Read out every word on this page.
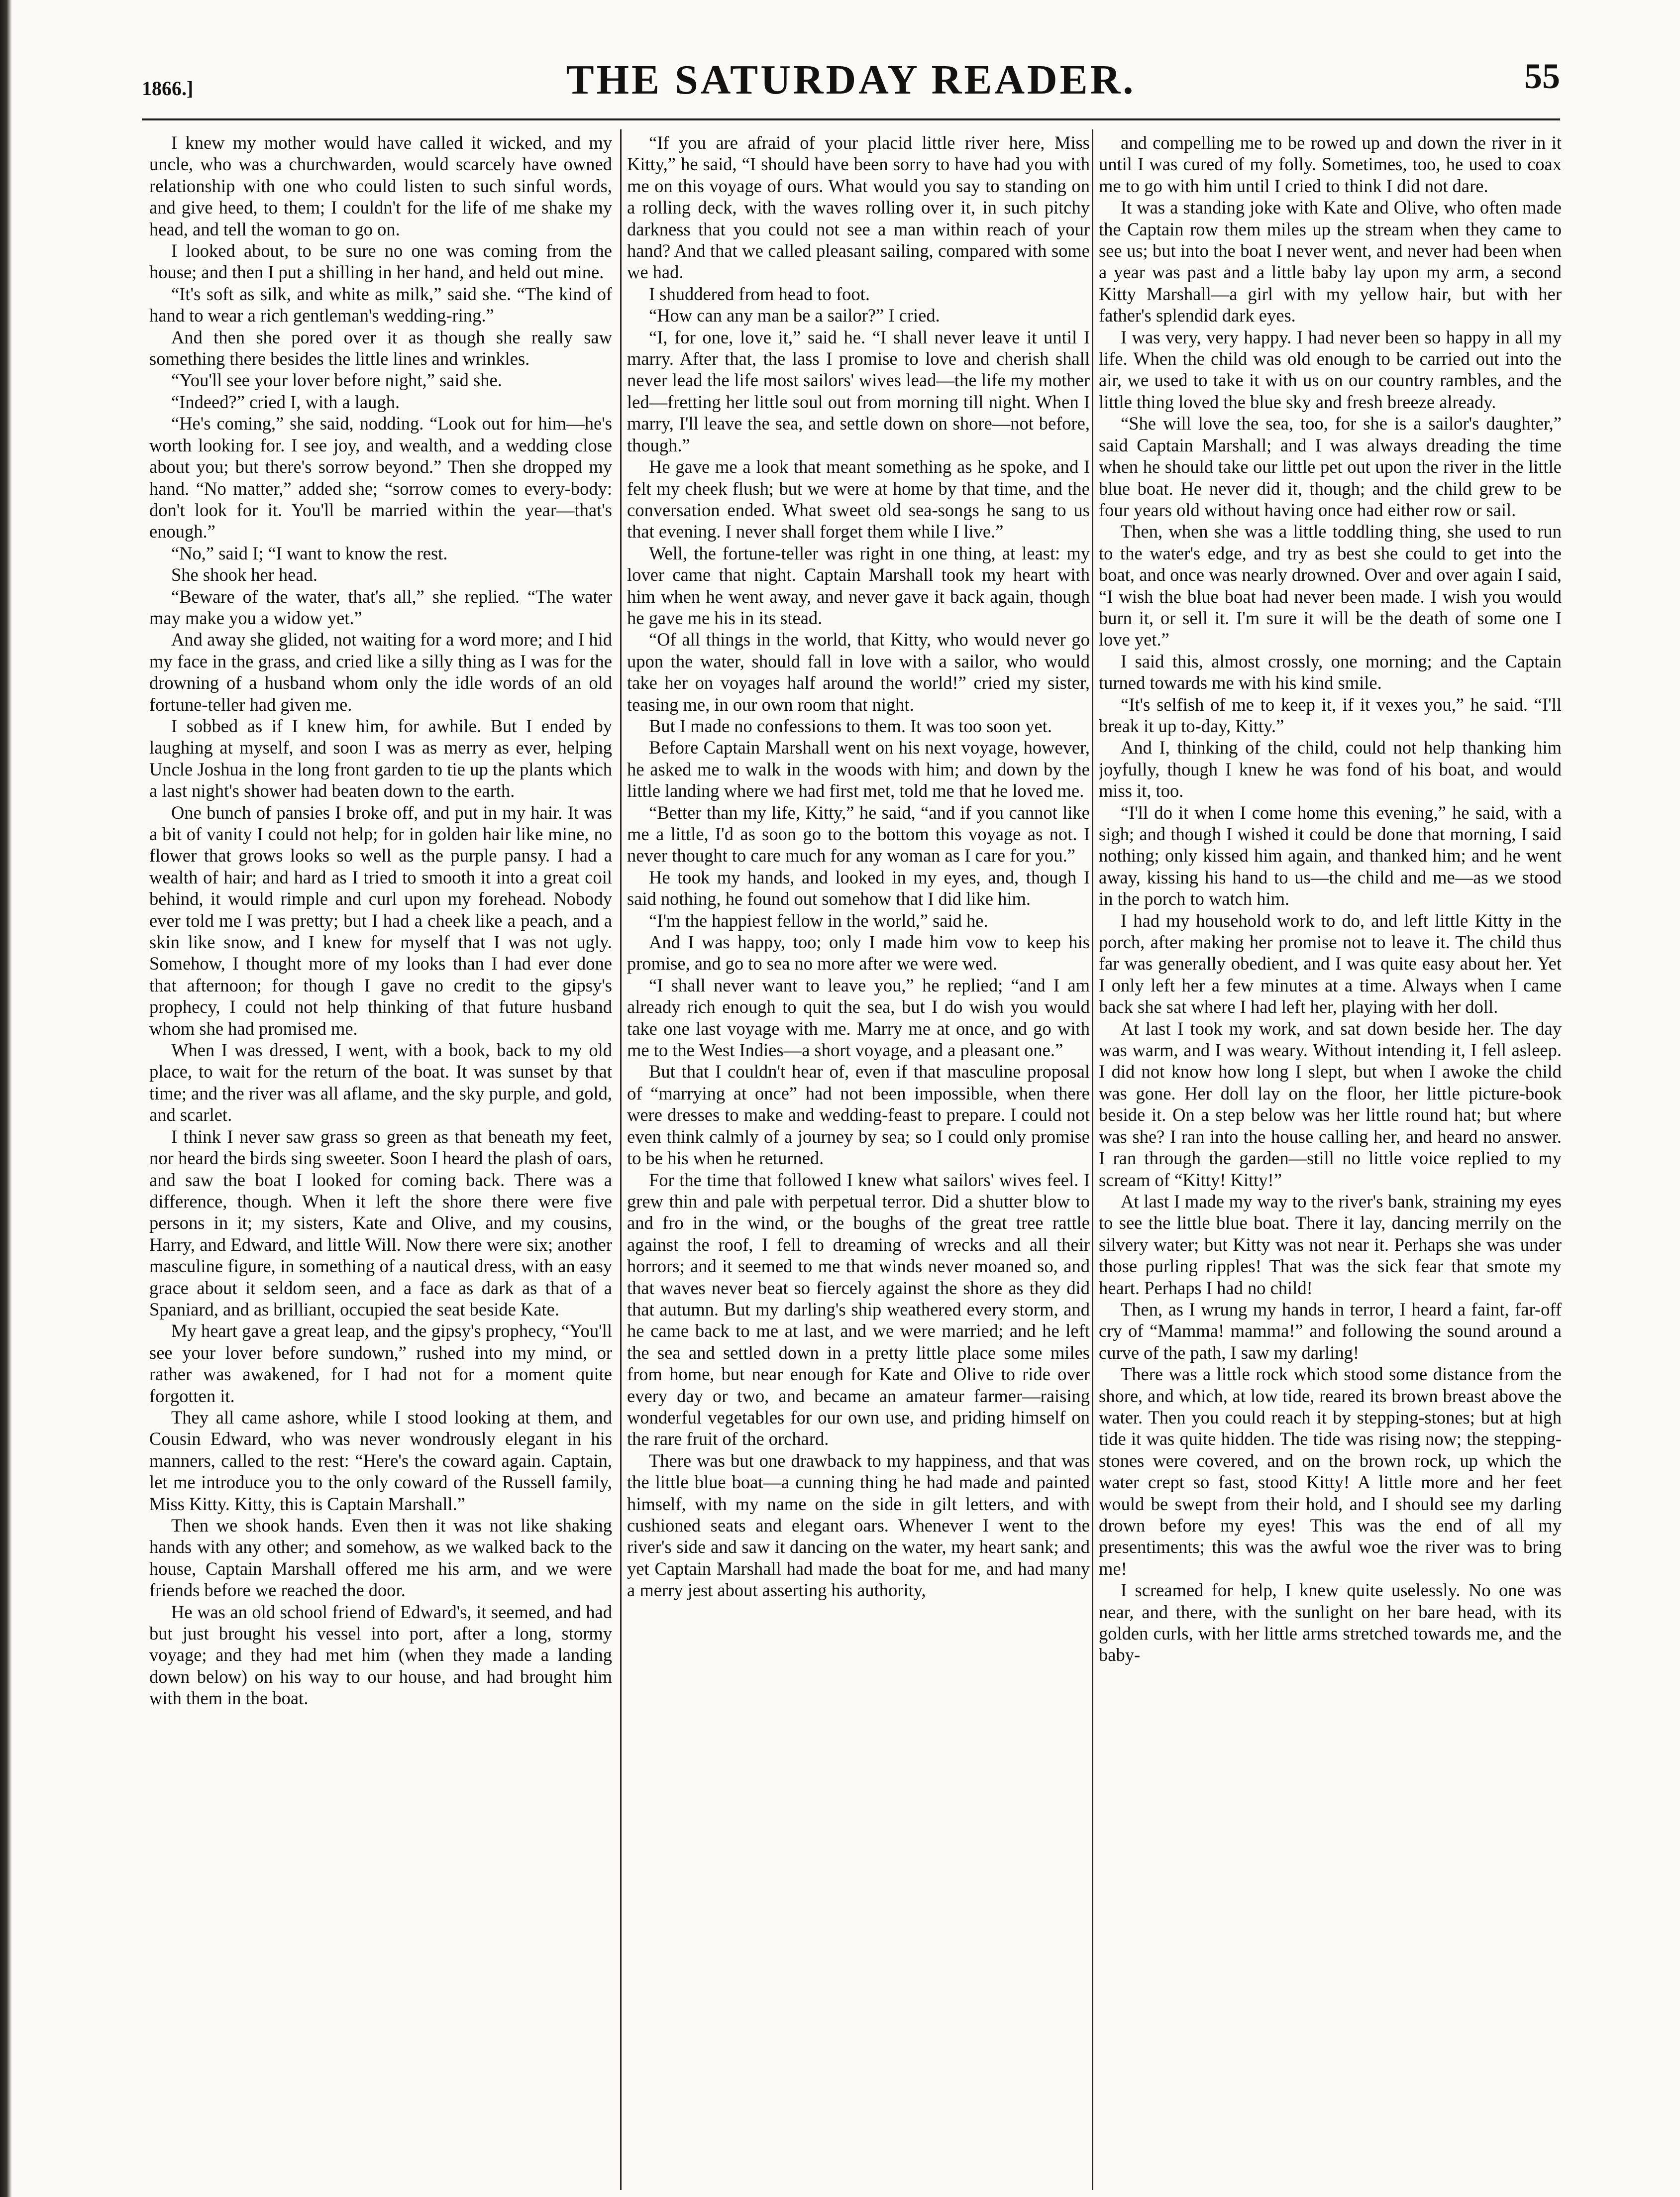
1866.]	THE SATURDAY READER.	55

I knew my mother would have called it wicked, and my uncle, who was a churchwarden, would scarcely have owned relationship with one who could listen to such sinful words, and give heed, to them; I couldn't for the life of me shake my head, and tell the woman to go on.

I looked about, to be sure no one was coming from the house; and then I put a shilling in her hand, and held out mine.

“It's soft as silk, and white as milk,” said she. “The kind of hand to wear a rich gentleman's wedding-ring.”

And then she pored over it as though she really saw something there besides the little lines and wrinkles.

“You'll see your lover before night,” said she.

“Indeed?” cried I, with a laugh.

“He's coming,” she said, nodding. “Look out for him—he's worth looking for. I see joy, and wealth, and a wedding close about you; but there's sorrow beyond.” Then she dropped my hand. “No matter,” added she; “sorrow comes to every-body: don't look for it. You'll be married within the year—that's enough.”

“No,” said I; “I want to know the rest.

She shook her head.

“Beware of the water, that's all,” she replied. “The water may make you a widow yet.”

And away she glided, not waiting for a word more; and I hid my face in the grass, and cried like a silly thing as I was for the drowning of a husband whom only the idle words of an old fortune-teller had given me.

I sobbed as if I knew him, for awhile. But I ended by laughing at myself, and soon I was as merry as ever, helping Uncle Joshua in the long front garden to tie up the plants which a last night's shower had beaten down to the earth.

One bunch of pansies I broke off, and put in my hair. It was a bit of vanity I could not help; for in golden hair like mine, no flower that grows looks so well as the purple pansy. I had a wealth of hair; and hard as I tried to smooth it into a great coil behind, it would rimple and curl upon my forehead. Nobody ever told me I was pretty; but I had a cheek like a peach, and a skin like snow, and I knew for myself that I was not ugly. Somehow, I thought more of my looks than I had ever done that afternoon; for though I gave no credit to the gipsy's prophecy, I could not help thinking of that future husband whom she had promised me.

When I was dressed, I went, with a book, back to my old place, to wait for the return of the boat. It was sunset by that time; and the river was all aflame, and the sky purple, and gold, and scarlet.

I think I never saw grass so green as that beneath my feet, nor heard the birds sing sweeter. Soon I heard the plash of oars, and saw the boat I looked for coming back. There was a difference, though. When it left the shore there were five persons in it; my sisters, Kate and Olive, and my cousins, Harry, and Edward, and little Will. Now there were six; another masculine figure, in something of a nautical dress, with an easy grace about it seldom seen, and a face as dark as that of a Spaniard, and as brilliant, occupied the seat beside Kate.

My heart gave a great leap, and the gipsy's prophecy, “You'll see your lover before sundown,” rushed into my mind, or rather was awakened, for I had not for a moment quite forgotten it.

They all came ashore, while I stood looking at them, and Cousin Edward, who was never wondrously elegant in his manners, called to the rest: “Here's the coward again. Captain, let me introduce you to the only coward of the Russell family, Miss Kitty. Kitty, this is Captain Marshall.”

Then we shook hands. Even then it was not like shaking hands with any other; and somehow, as we walked back to the house, Captain Marshall offered me his arm, and we were friends before we reached the door.

He was an old school friend of Edward's, it seemed, and had but just brought his vessel into port, after a long, stormy voyage; and they had met him (when they made a landing down below) on his way to our house, and had brought him with them in the boat.

“If you are afraid of your placid little river here, Miss Kitty,” he said, “I should have been sorry to have had you with me on this voyage of ours. What would you say to standing on a rolling deck, with the waves rolling over it, in such pitchy darkness that you could not see a man within reach of your hand? And that we called pleasant sailing, compared with some we had.

I shuddered from head to foot.

“How can any man be a sailor?” I cried.

“I, for one, love it,” said he. “I shall never leave it until I marry. After that, the lass I promise to love and cherish shall never lead the life most sailors' wives lead—the life my mother led—fretting her little soul out from morning till night. When I marry, I'll leave the sea, and settle down on shore—not before, though.”

He gave me a look that meant something as he spoke, and I felt my cheek flush; but we were at home by that time, and the conversation ended. What sweet old sea-songs he sang to us that evening. I never shall forget them while I live.”

Well, the fortune-teller was right in one thing, at least: my lover came that night. Captain Marshall took my heart with him when he went away, and never gave it back again, though he gave me his in its stead.

“Of all things in the world, that Kitty, who would never go upon the water, should fall in love with a sailor, who would take her on voyages half around the world!” cried my sister, teasing me, in our own room that night.

But I made no confessions to them. It was too soon yet.

Before Captain Marshall went on his next voyage, however, he asked me to walk in the woods with him; and down by the little landing where we had first met, told me that he loved me.

“Better than my life, Kitty,” he said, “and if you cannot like me a little, I'd as soon go to the bottom this voyage as not. I never thought to care much for any woman as I care for you.”

He took my hands, and looked in my eyes, and, though I said nothing, he found out somehow that I did like him.

“I'm the happiest fellow in the world,” said he.

And I was happy, too; only I made him vow to keep his promise, and go to sea no more after we were wed.

“I shall never want to leave you,” he replied; “and I am already rich enough to quit the sea, but I do wish you would take one last voyage with me. Marry me at once, and go with me to the West Indies—a short voyage, and a pleasant one.”

But that I couldn't hear of, even if that masculine proposal of “marrying at once” had not been impossible, when there were dresses to make and wedding-feast to prepare. I could not even think calmly of a journey by sea; so I could only promise to be his when he returned.

For the time that followed I knew what sailors' wives feel. I grew thin and pale with perpetual terror. Did a shutter blow to and fro in the wind, or the boughs of the great tree rattle against the roof, I fell to dreaming of wrecks and all their horrors; and it seemed to me that winds never moaned so, and that waves never beat so fiercely against the shore as they did that autumn. But my darling's ship weathered every storm, and he came back to me at last, and we were married; and he left the sea and settled down in a pretty little place some miles from home, but near enough for Kate and Olive to ride over every day or two, and became an amateur farmer—raising wonderful vegetables for our own use, and priding himself on the rare fruit of the orchard.

There was but one drawback to my happiness, and that was the little blue boat—a cunning thing he had made and painted himself, with my name on the side in gilt letters, and with cushioned seats and elegant oars. Whenever I went to the river's side and saw it dancing on the water, my heart sank; and yet Captain Marshall had made the boat for me, and had many a merry jest about asserting his authority,

and compelling me to be rowed up and down the river in it until I was cured of my folly. Sometimes, too, he used to coax me to go with him until I cried to think I did not dare.

It was a standing joke with Kate and Olive, who often made the Captain row them miles up the stream when they came to see us; but into the boat I never went, and never had been when a year was past and a little baby lay upon my arm, a second Kitty Marshall—a girl with my yellow hair, but with her father's splendid dark eyes.

I was very, very happy. I had never been so happy in all my life. When the child was old enough to be carried out into the air, we used to take it with us on our country rambles, and the little thing loved the blue sky and fresh breeze already.

“She will love the sea, too, for she is a sailor's daughter,” said Captain Marshall; and I was always dreading the time when he should take our little pet out upon the river in the little blue boat. He never did it, though; and the child grew to be four years old without having once had either row or sail.

Then, when she was a little toddling thing, she used to run to the water's edge, and try as best she could to get into the boat, and once was nearly drowned. Over and over again I said, “I wish the blue boat had never been made. I wish you would burn it, or sell it. I'm sure it will be the death of some one I love yet.”

I said this, almost crossly, one morning; and the Captain turned towards me with his kind smile.

“It's selfish of me to keep it, if it vexes you,” he said. “I'll break it up to-day, Kitty.”

And I, thinking of the child, could not help thanking him joyfully, though I knew he was fond of his boat, and would miss it, too.

“I'll do it when I come home this evening,” he said, with a sigh; and though I wished it could be done that morning, I said nothing; only kissed him again, and thanked him; and he went away, kissing his hand to us—the child and me—as we stood in the porch to watch him.

I had my household work to do, and left little Kitty in the porch, after making her promise not to leave it. The child thus far was generally obedient, and I was quite easy about her. Yet I only left her a few minutes at a time. Always when I came back she sat where I had left her, playing with her doll.

At last I took my work, and sat down beside her. The day was warm, and I was weary. Without intending it, I fell asleep. I did not know how long I slept, but when I awoke the child was gone. Her doll lay on the floor, her little picture-book beside it. On a step below was her little round hat; but where was she? I ran into the house calling her, and heard no answer. I ran through the garden—still no little voice replied to my scream of “Kitty! Kitty!”

At last I made my way to the river's bank, straining my eyes to see the little blue boat. There it lay, dancing merrily on the silvery water; but Kitty was not near it. Perhaps she was under those purling ripples! That was the sick fear that smote my heart. Perhaps I had no child!

Then, as I wrung my hands in terror, I heard a faint, far-off cry of “Mamma! mamma!” and following the sound around a curve of the path, I saw my darling!

There was a little rock which stood some distance from the shore, and which, at low tide, reared its brown breast above the water. Then you could reach it by stepping-stones; but at high tide it was quite hidden. The tide was rising now; the stepping-stones were covered, and on the brown rock, up which the water crept so fast, stood Kitty! A little more and her feet would be swept from their hold, and I should see my darling drown before my eyes! This was the end of all my presentiments; this was the awful woe the river was to bring me!

I screamed for help, I knew quite uselessly. No one was near, and there, with the sunlight on her bare head, with its golden curls, with her little arms stretched towards me, and the baby-
